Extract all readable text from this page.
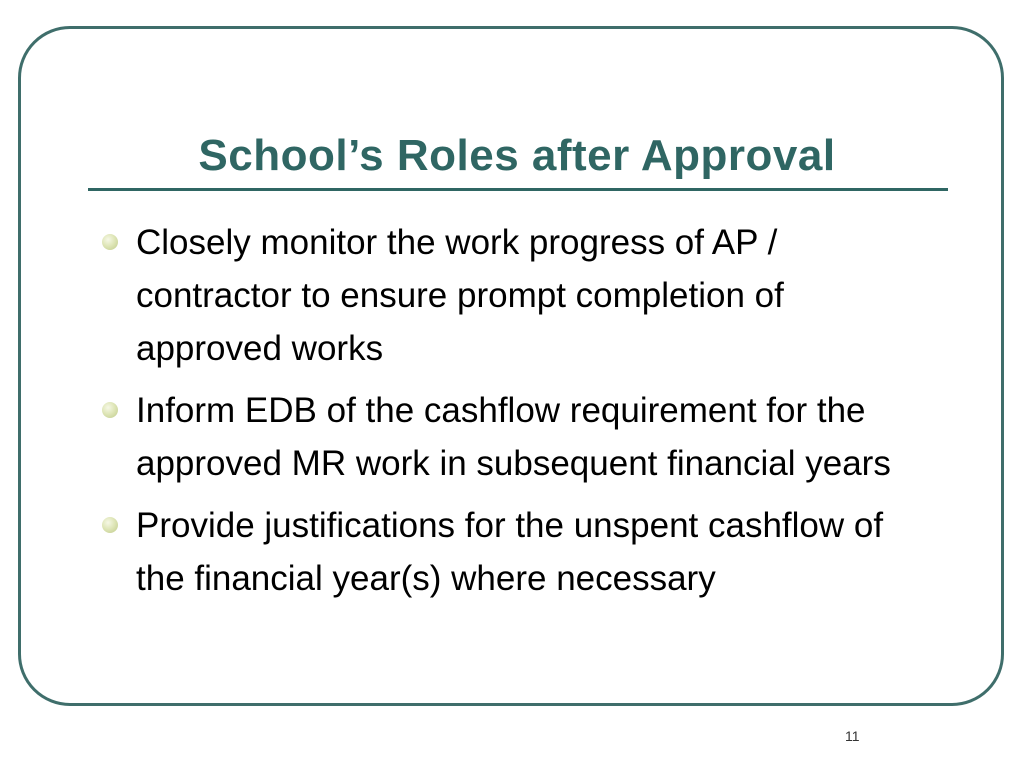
School’s Roles after Approval
Closely monitor the work progress of AP / contractor to ensure prompt completion of approved works
Inform EDB of the cashflow requirement for the approved MR work in subsequent financial years
Provide justifications for the unspent cashflow of the financial year(s) where necessary
11
